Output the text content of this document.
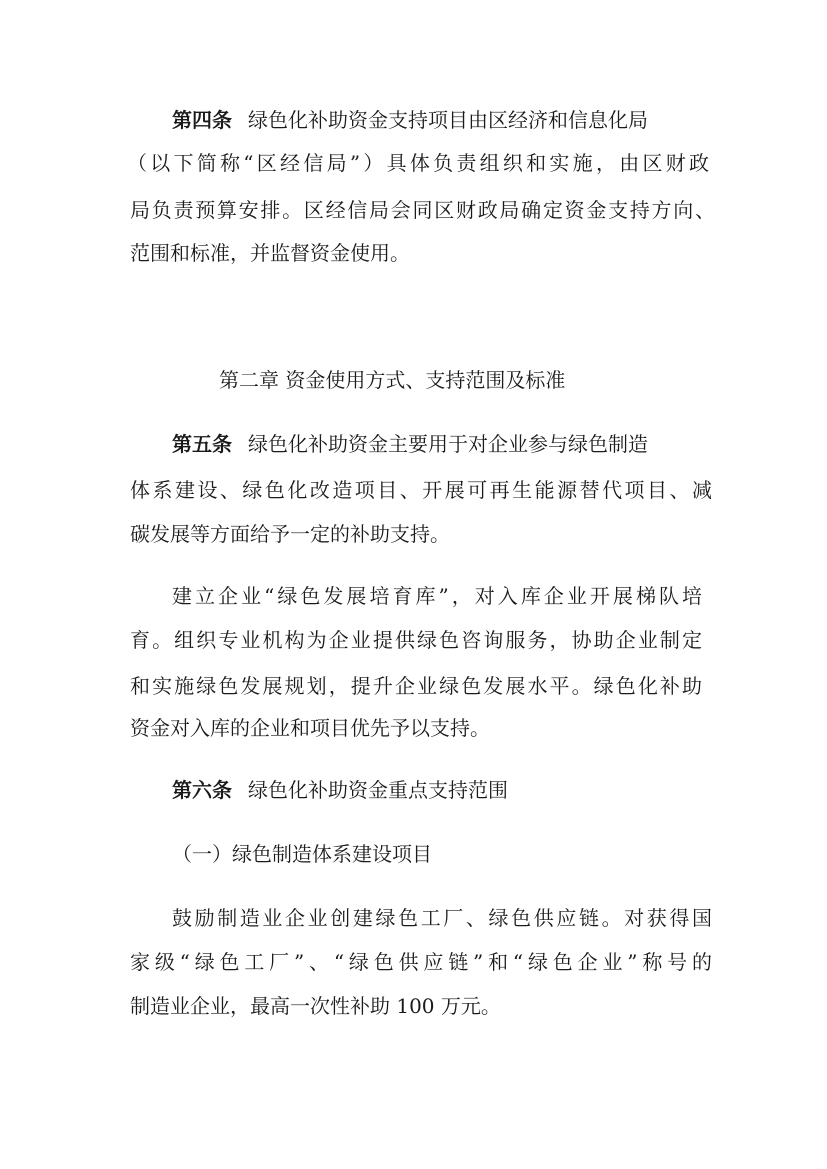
第四条 绿色化补助资金支持项目由区经济和信息化局
（以下简称“区经信局”）具体负责组织和实施，由区财政
局负责预算安排。区经信局会同区财政局确定资金支持方向、
范围和标准，并监督资金使用。
第二章 资金使用方式、支持范围及标准
第五条 绿色化补助资金主要用于对企业参与绿色制造
体系建设、绿色化改造项目、开展可再生能源替代项目、减
碳发展等方面给予一定的补助支持。
建立企业“绿色发展培育库”，对入库企业开展梯队培
育。组织专业机构为企业提供绿色咨询服务，协助企业制定
和实施绿色发展规划，提升企业绿色发展水平。绿色化补助
资金对入库的企业和项目优先予以支持。
第六条 绿色化补助资金重点支持范围
（一）绿色制造体系建设项目
鼓励制造业企业创建绿色工厂、绿色供应链。对获得国
家级“绿色工厂”、“绿色供应链”和“绿色企业”称号的
制造业企业，最高一次性补助 100 万元。
